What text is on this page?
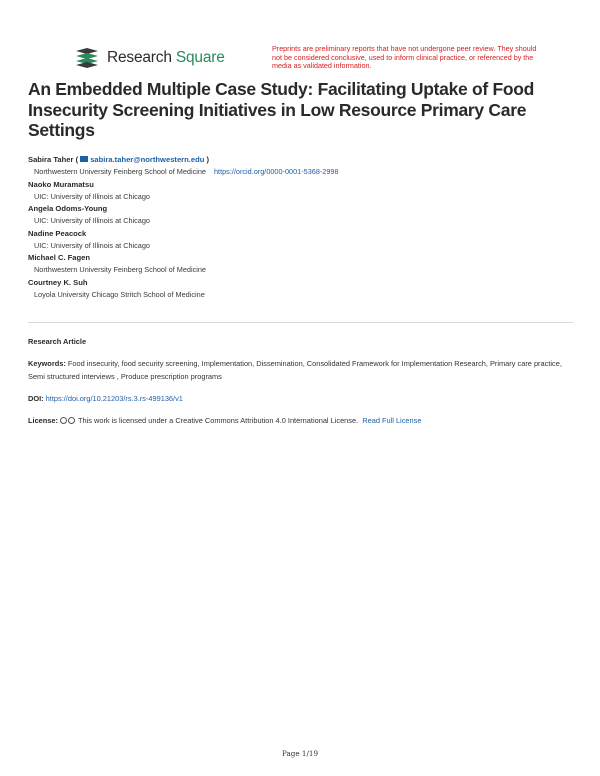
Research Square
Preprints are preliminary reports that have not undergone peer review. They should not be considered conclusive, used to inform clinical practice, or referenced by the media as validated information.
An Embedded Multiple Case Study: Facilitating Uptake of Food Insecurity Screening Initiatives in Low Resource Primary Care Settings
Sabira Taher ( sabira.taher@northwestern.edu )
Northwestern University Feinberg School of Medicine https://orcid.org/0000-0001-5368-2998
Naoko Muramatsu
UIC: University of Illinois at Chicago
Angela Odoms-Young
UIC: University of Illinois at Chicago
Nadine Peacock
UIC: University of Illinois at Chicago
Michael C. Fagen
Northwestern University Feinberg School of Medicine
Courtney K. Suh
Loyola University Chicago Stritch School of Medicine
Research Article
Keywords: Food insecurity, food security screening, Implementation, Dissemination, Consolidated Framework for Implementation Research, Primary care practice, Semi structured interviews , Produce prescription programs
DOI: https://doi.org/10.21203/rs.3.rs-499136/v1
License:	This work is licensed under a Creative Commons Attribution 4.0 International License. Read Full License
Page 1/19
